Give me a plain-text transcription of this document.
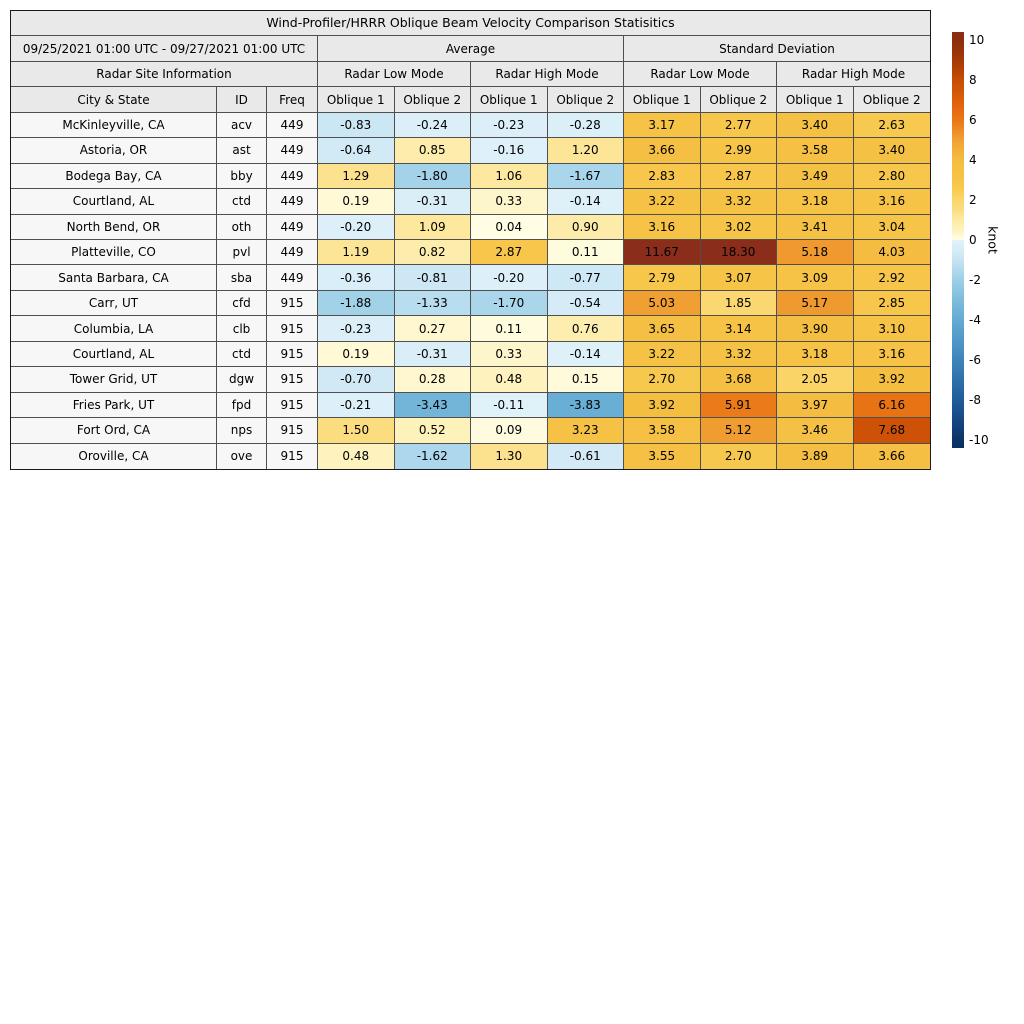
Wind-Profiler/HRRR Oblique Beam Velocity Comparison Statisitics
09/25/2021 01:00 UTC - 09/27/2021 01:00 UTC	Average	Standard Deviation
Radar Site Information	Radar Low Mode	Radar High Mode	Radar Low Mode	Radar High Mode
City & State	ID	Freq	Oblique 1	Oblique 2	Oblique 1	Oblique 2	Oblique 1	Oblique 2	Oblique 1	Oblique 2
McKinleyville, CA	acv	449	-0.83	-0.24	-0.23	-0.28	3.17	2.77	3.40	2.63
Astoria, OR	ast	449	-0.64	0.85	-0.16	1.20	3.66	2.99	3.58	3.40
Bodega Bay, CA	bby	449	1.29	-1.80	1.06	-1.67	2.83	2.87	3.49	2.80
Courtland, AL	ctd	449	0.19	-0.31	0.33	-0.14	3.22	3.32	3.18	3.16
North Bend, OR	oth	449	-0.20	1.09	0.04	0.90	3.16	3.02	3.41	3.04
Platteville, CO	pvl	449	1.19	0.82	2.87	0.11	11.67	18.30	5.18	4.03
Santa Barbara, CA	sba	449	-0.36	-0.81	-0.20	-0.77	2.79	3.07	3.09	2.92
Carr, UT	cfd	915	-1.88	-1.33	-1.70	-0.54	5.03	1.85	5.17	2.85
Columbia, LA	clb	915	-0.23	0.27	0.11	0.76	3.65	3.14	3.90	3.10
Courtland, AL	ctd	915	0.19	-0.31	0.33	-0.14	3.22	3.32	3.18	3.16
Tower Grid, UT	dgw	915	-0.70	0.28	0.48	0.15	2.70	3.68	2.05	3.92
Fries Park, UT	fpd	915	-0.21	-3.43	-0.11	-3.83	3.92	5.91	3.97	6.16
Fort Ord, CA	nps	915	1.50	0.52	0.09	3.23	3.58	5.12	3.46	7.68
Oroville, CA	ove	915	0.48	-1.62	1.30	-0.61	3.55	2.70	3.89	3.66
10
8
6
4
2
0
-2
-4
-6
-8
-10
knot
